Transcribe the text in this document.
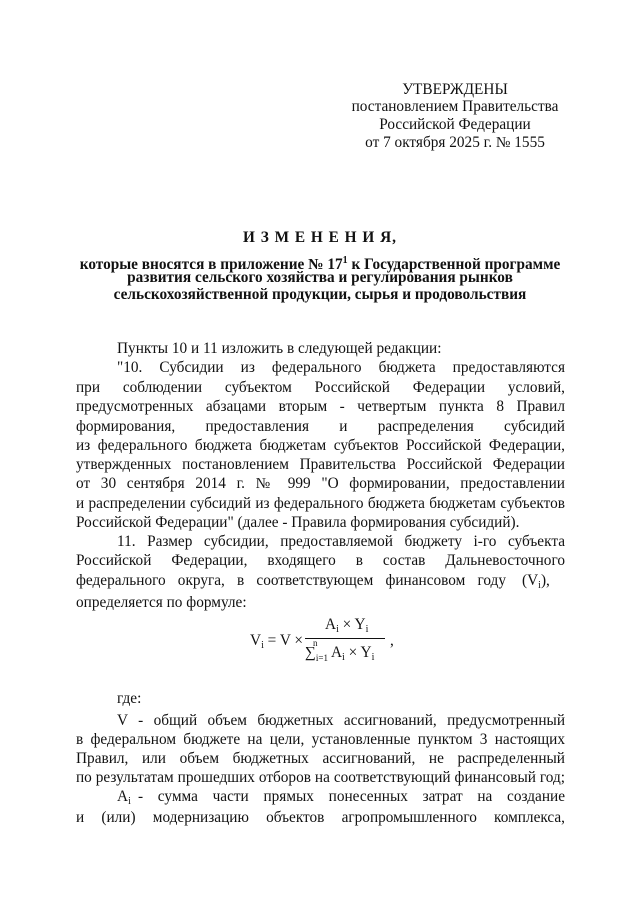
УТВЕРЖДЕНЫ
постановлением Правительства
Российской Федерации
от 7 октября 2025 г. № 1555
И З М Е Н Е Н И Я,
которые вносятся в приложение № $17^1$ к Государственной программе
развития сельского хозяйства и регулирования рынков
сельскохозяйственной продукции, сырья и продовольствия
Пункты 10 и 11 изложить в следующей редакции:
"10. Субсидии из федерального бюджета предоставляются
при соблюдении субъектом Российской Федерации условий,
предусмотренных абзацами вторым - четвертым пункта 8 Правил
формирования, предоставления и распределения субсидий
из федерального бюджета бюджетам субъектов Российской Федерации,
утвержденных постановлением Правительства Российской Федерации
от 30 сентября 2014 г. № 999 "О формировании, предоставлении
и распределении субсидий из федерального бюджета бюджетам субъектов
Российской Федерации" (далее - Правила формирования субсидий).
11. Размер субсидии, предоставляемой бюджету i-го субъекта
Российской Федерации, входящего в состав Дальневосточного
федерального округа, в соответствующем финансовом году $(V_i)$,
определяется по формуле:
$V_i = V$ ×
$A_i \times Y_i$
∑
n
$_{i=1}$ $A_i \times Y_i$
,
где:
V - общий объем бюджетных ассигнований, предусмотренный
в федеральном бюджете на цели, установленные пунктом 3 настоящих
Правил, или объем бюджетных ассигнований, не распределенный
по результатам прошедших отборов на соответствующий финансовый год;
$A_i$ - сумма части прямых понесенных затрат на создание
и (или) модернизацию объектов агропромышленного комплекса,
